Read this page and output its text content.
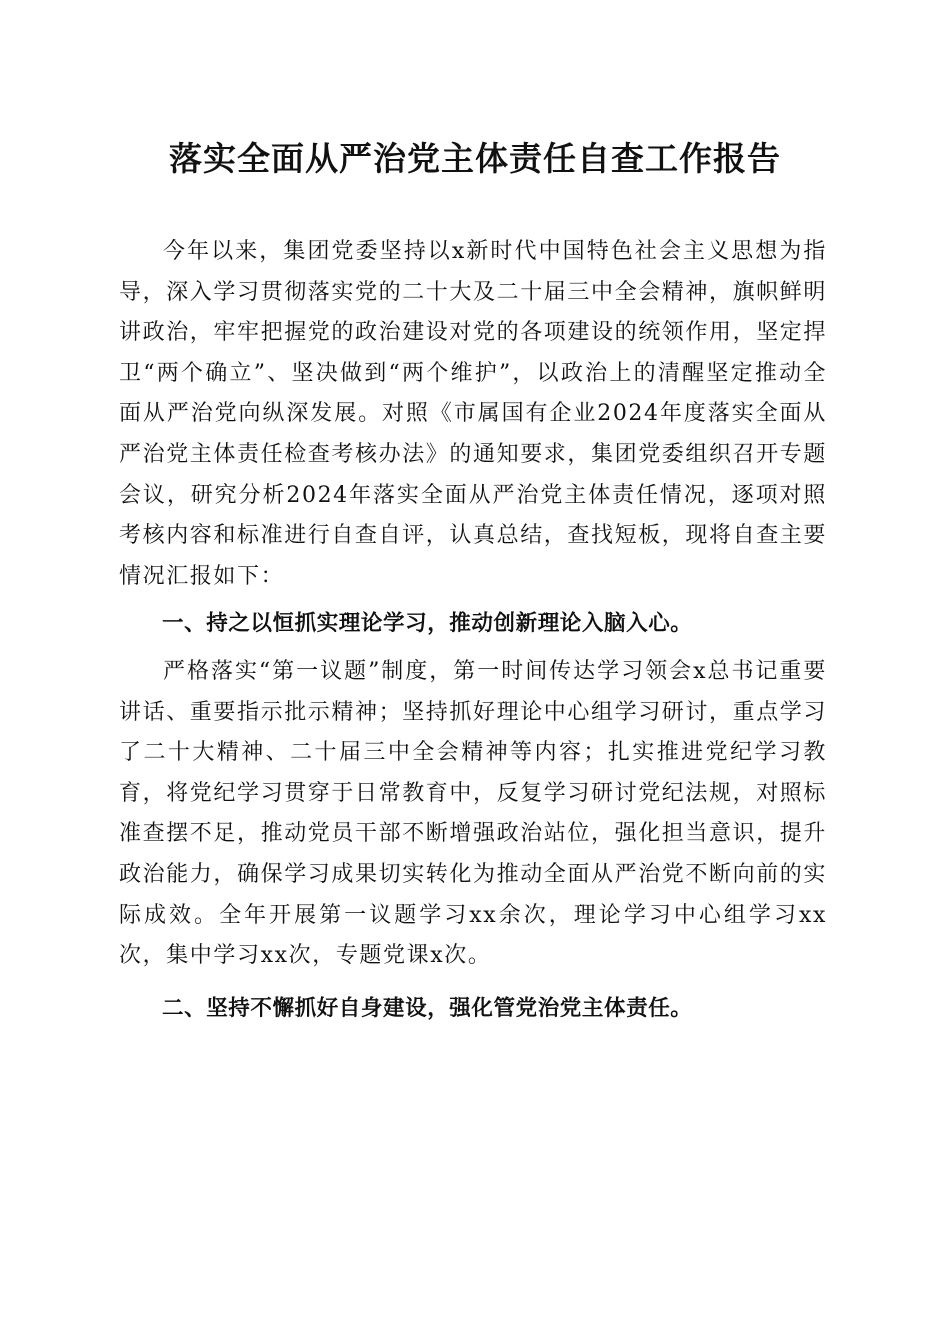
落实全面从严治党主体责任自查工作报告

今年以来，集团党委坚持以x新时代中国特色社会主义思想为指导，深入学习贯彻落实党的二十大及二十届三中全会精神，旗帜鲜明讲政治，牢牢把握党的政治建设对党的各项建设的统领作用，坚定捍卫“两个确立”、坚决做到“两个维护”，以政治上的清醒坚定推动全面从严治党向纵深发展。对照《市属国有企业2024年度落实全面从严治党主体责任检查考核办法》的通知要求，集团党委组织召开专题会议，研究分析2024年落实全面从严治党主体责任情况，逐项对照考核内容和标准进行自查自评，认真总结，查找短板，现将自查主要情况汇报如下：

一、持之以恒抓实理论学习，推动创新理论入脑入心。

严格落实“第一议题”制度，第一时间传达学习领会x总书记重要讲话、重要指示批示精神；坚持抓好理论中心组学习研讨，重点学习了二十大精神、二十届三中全会精神等内容；扎实推进党纪学习教育，将党纪学习贯穿于日常教育中，反复学习研讨党纪法规，对照标准查摆不足，推动党员干部不断增强政治站位，强化担当意识，提升政治能力，确保学习成果切实转化为推动全面从严治党不断向前的实际成效。全年开展第一议题学习xx余次，理论学习中心组学习xx次，集中学习xx次，专题党课x次。

二、坚持不懈抓好自身建设，强化管党治党主体责任。
